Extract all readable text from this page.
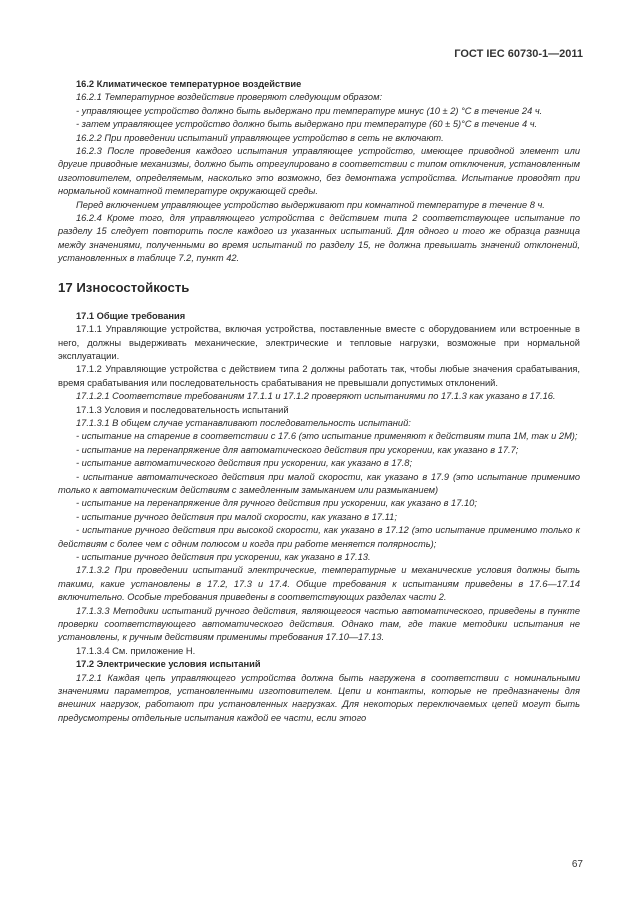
ГОСТ IEC 60730-1—2011

16.2 Климатическое температурное воздействие

16.2.1 Температурное воздействие проверяют следующим образом:

- управляющее устройство должно быть выдержано при температуре минус (10 ± 2) °С в течение 24 ч.

- затем управляющее устройство должно быть выдержано при температуре (60 ± 5)°С в течение 4 ч.

16.2.2 При проведении испытаний управляющее устройство в сеть не включают.

16.2.3 После проведения каждого испытания управляющее устройство, имеющее приводной элемент или другие приводные механизмы, должно быть отрегулировано в соответствии с типом отключения, установленным изготовителем, определяемым, насколько это возможно, без демонтажа устройства. Испытание проводят при нормальной комнатной температуре окружающей среды.

Перед включением управляющее устройство выдерживают при комнатной температуре в течение 8 ч.

16.2.4 Кроме того, для управляющего устройства с действием типа 2 соответствующее испытание по разделу 15 следует повторить после каждого из указанных испытаний. Для одного и того же образца разница между значениями, полученными во время испытаний по разделу 15, не должна превышать значений отклонений, установленных в таблице 7.2, пункт 42.

17 Износостойкость

17.1 Общие требования

17.1.1 Управляющие устройства, включая устройства, поставленные вместе с оборудованием или встроенные в него, должны выдерживать механические, электрические и тепловые нагрузки, возможные при нормальной эксплуатации.

17.1.2 Управляющие устройства с действием типа 2 должны работать так, чтобы любые значения срабатывания, время срабатывания или последовательность срабатывания не превышали допустимых отклонений.

17.1.2.1 Соответствие требованиям 17.1.1 и 17.1.2 проверяют испытаниями по 17.1.3 как указано в 17.16.

17.1.3 Условия и последовательность испытаний

17.1.3.1 В общем случае устанавливают последовательность испытаний:

- испытание на старение в соответствии с 17.6 (это испытание применяют к действиям типа 1М, так и 2М);

- испытание на перенапряжение для автоматического действия при ускорении, как указано в 17.7;

- испытание автоматического действия при ускорении, как указано в 17.8;

- испытание автоматического действия при малой скорости, как указано в 17.9 (это испытание применимо только к автоматическим действиям с замедленным замыканием или размыканием)

- испытание на перенапряжение для ручного действия при ускорении, как указано в 17.10;

- испытание ручного действия при малой скорости, как указано в 17.11;

- испытание ручного действия при высокой скорости, как указано в 17.12 (это испытание применимо только к действиям с более чем с одним полюсом и когда при работе меняется полярность);

- испытание ручного действия при ускорении, как указано в 17.13.

17.1.3.2 При проведении испытаний электрические, температурные и механические условия должны быть такими, какие установлены в 17.2, 17.3 и 17.4. Общие требования к испытаниям приведены в 17.6—17.14 включительно. Особые требования приведены в соответствующих разделах части 2.

17.1.3.3 Методики испытаний ручного действия, являющегося частью автоматического, приведены в пункте проверки соответствующего автоматического действия. Однако там, где такие методики испытания не установлены, к ручным действиям применимы требования 17.10—17.13.

17.1.3.4 См. приложение Н.

17.2 Электрические условия испытаний

17.2.1 Каждая цепь управляющего устройства должна быть нагружена в соответствии с номинальными значениями параметров, установленными изготовителем. Цепи и контакты, которые не предназначены для внешних нагрузок, работают при установленных нагрузках. Для некоторых переключаемых цепей могут быть предусмотрены отдельные испытания каждой ее части, если этого

67
